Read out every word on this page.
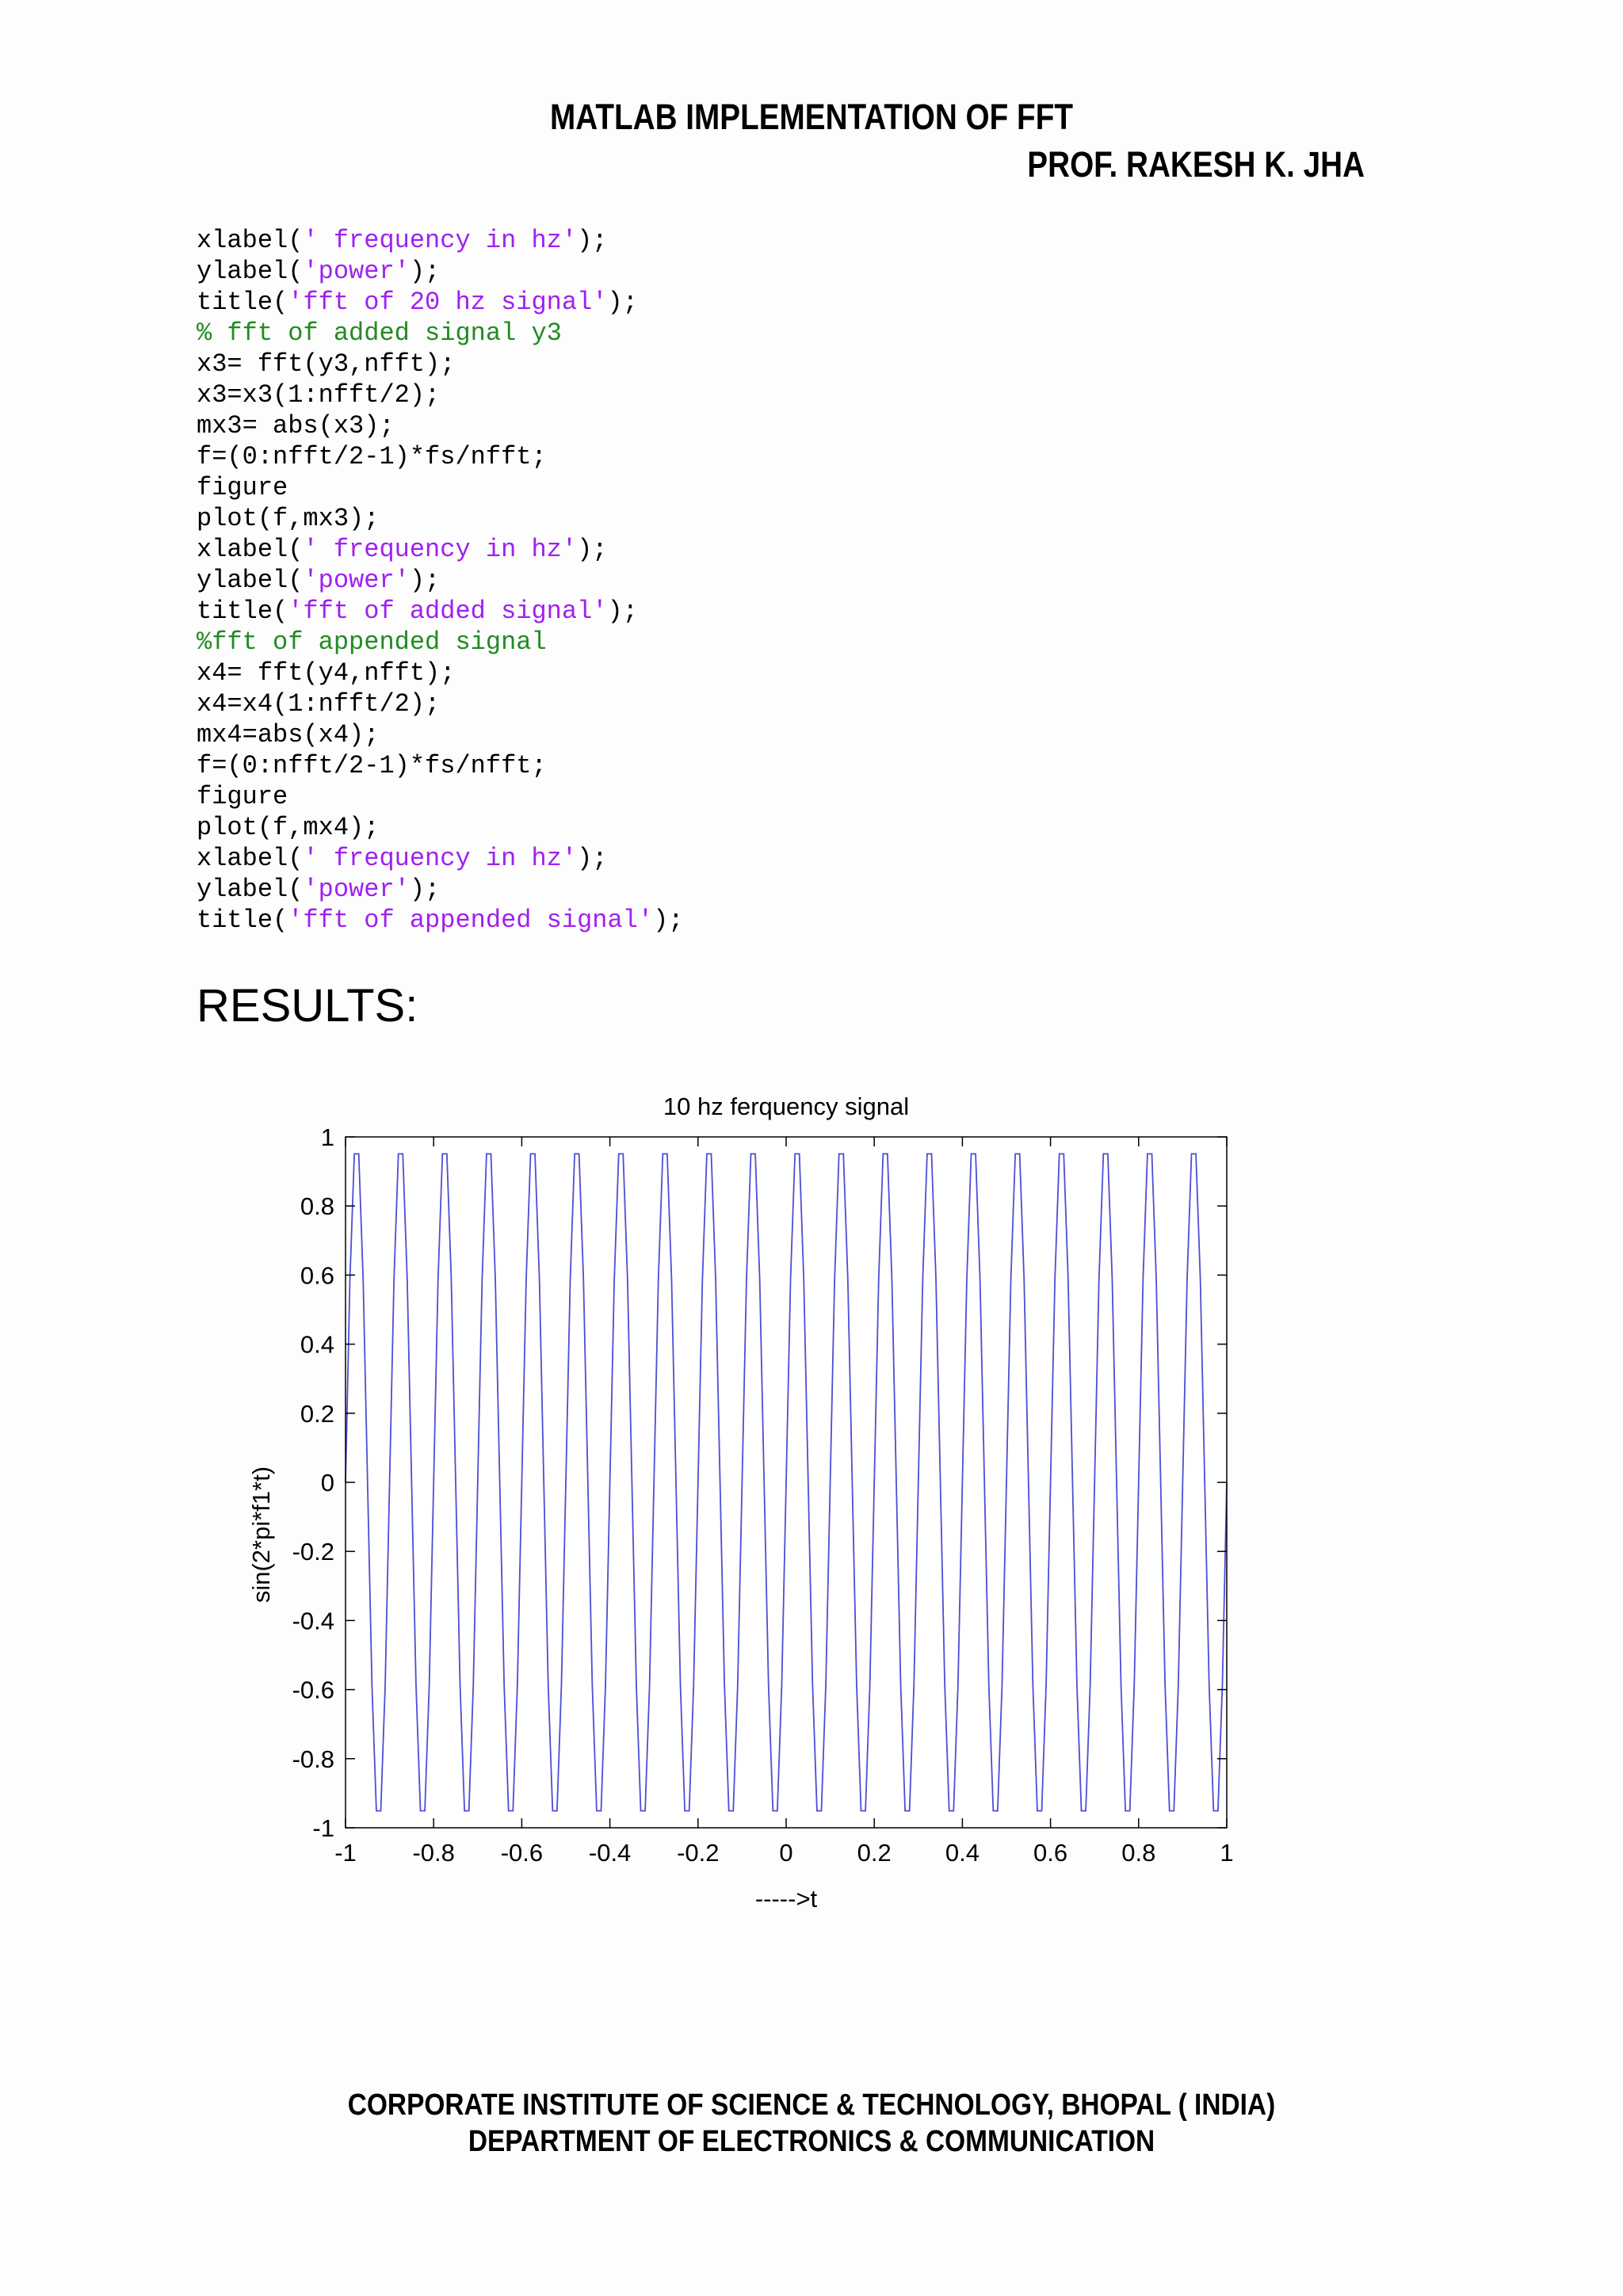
MATLAB IMPLEMENTATION OF FFT
PROF. RAKESH K. JHA
xlabel(' frequency in hz');
ylabel('power');
title('fft of 20 hz signal');
% fft of added signal y3
x3= fft(y3,nfft);
x3=x3(1:nfft/2);
mx3= abs(x3);
f=(0:nfft/2-1)*fs/nfft;
figure
plot(f,mx3);
xlabel(' frequency in hz');
ylabel('power');
title('fft of added signal');
%fft of appended signal
x4= fft(y4,nfft);
x4=x4(1:nfft/2);
mx4=abs(x4);
f=(0:nfft/2-1)*fs/nfft;
figure
plot(f,mx4);
xlabel(' frequency in hz');
ylabel('power');
title('fft of appended signal');
RESULTS:
10 hz ferquency signal
-1 -0.8 -0.6 -0.4 -0.2 0	0.2 0.4 0.6 0.8	1
1
0.8
0.6
0.4
0.2
0
-0.2
-0.4
-0.6
-0.8
-1
----->t
sin(2*pi*f1*t)
CORPORATE INSTITUTE OF SCIENCE & TECHNOLOGY, BHOPAL ( INDIA)
DEPARTMENT OF ELECTRONICS & COMMUNICATION
